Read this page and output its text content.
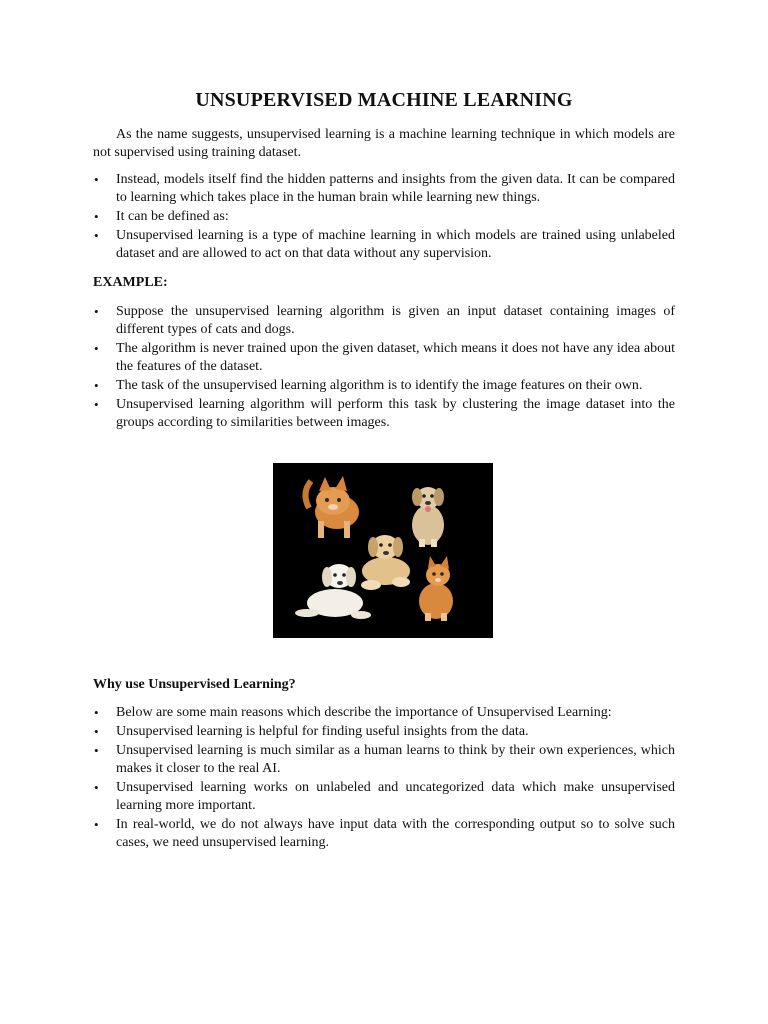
UNSUPERVISED MACHINE LEARNING

As the name suggests, unsupervised learning is a machine learning technique in which models are not supervised using training dataset.

• Instead, models itself find the hidden patterns and insights from the given data. It can be compared to learning which takes place in the human brain while learning new things.
• It can be defined as:
• Unsupervised learning is a type of machine learning in which models are trained using unlabeled dataset and are allowed to act on that data without any supervision.
EXAMPLE:
• Suppose the unsupervised learning algorithm is given an input dataset containing images of different types of cats and dogs.
• The algorithm is never trained upon the given dataset, which means it does not have any idea about the features of the dataset.
• The task of the unsupervised learning algorithm is to identify the image features on their own.
• Unsupervised learning algorithm will perform this task by clustering the image dataset into the groups according to similarities between images.
Why use Unsupervised Learning?
• Below are some main reasons which describe the importance of Unsupervised Learning:
• Unsupervised learning is helpful for finding useful insights from the data.
• Unsupervised learning is much similar as a human learns to think by their own experiences, which makes it closer to the real AI.
• Unsupervised learning works on unlabeled and uncategorized data which make unsupervised learning more important.
• In real-world, we do not always have input data with the corresponding output so to solve such cases, we need unsupervised learning.
